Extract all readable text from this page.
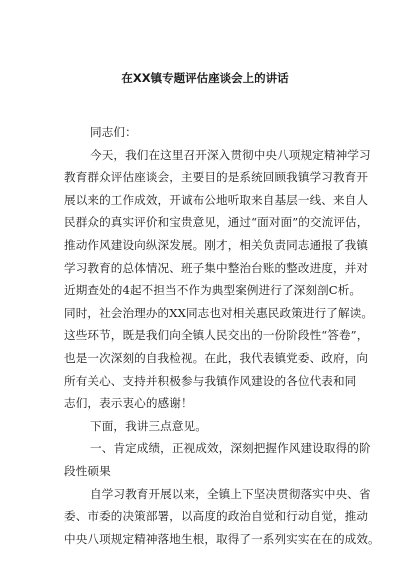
在XX镇专题评估座谈会上的讲话

同志们：

今天，我们在这里召开深入贯彻中央八项规定精神学习

教育群众评估座谈会，主要目的是系统回顾我镇学习教育开

展以来的工作成效，开诚布公地听取来自基层一线、来自人

民群众的真实评价和宝贵意见，通过“面对面”的交流评估，

推动作风建设向纵深发展。刚才，相关负责同志通报了我镇

学习教育的总体情况、班子集中整治台账的整改进度，并对

近期查处的4起不担当不作为典型案例进行了深刻剖C析。

同时，社会治理办的XX同志也对相关惠民政策进行了解读。

这些环节，既是我们向全镇人民交出的一份阶段性“答卷”，

也是一次深刻的自我检视。在此，我代表镇党委、政府，向

所有关心、支持并积极参与我镇作风建设的各位代表和同

志们，表示衷心的感谢！

下面，我讲三点意见。

一、肯定成绩，正视成效，深刻把握作风建设取得的阶

段性硕果

自学习教育开展以来，全镇上下坚决贯彻落实中央、省

委、市委的决策部署，以高度的政治自觉和行动自觉，推动

中央八项规定精神落地生根，取得了一系列实实在在的成效。
